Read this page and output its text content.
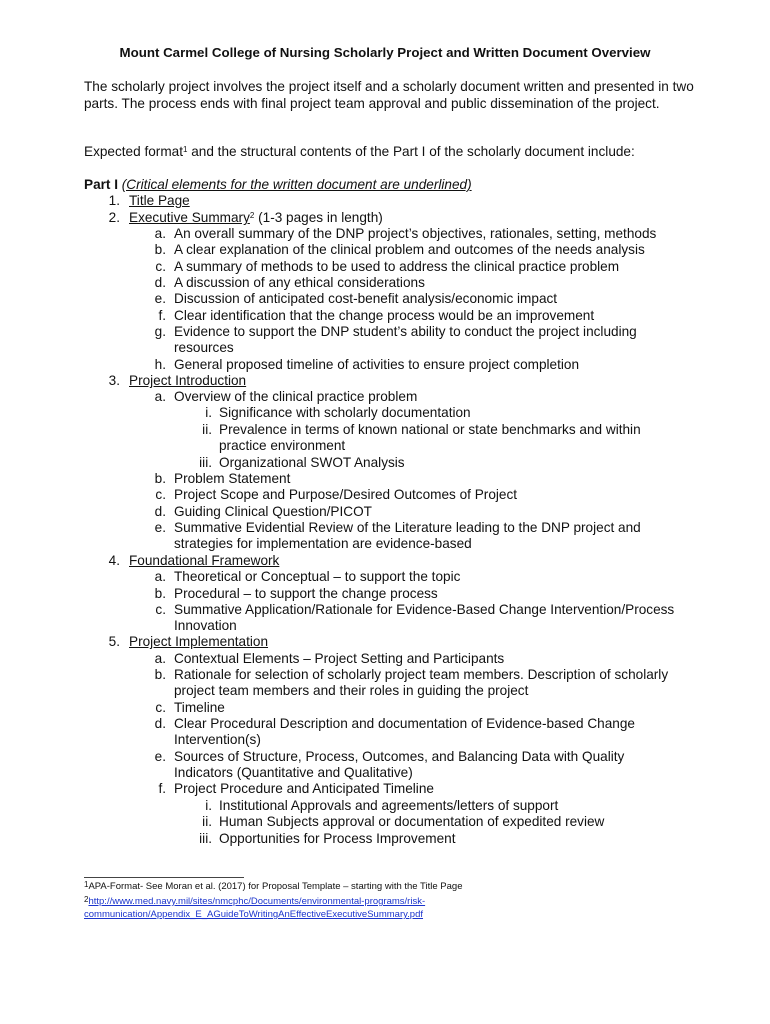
Mount Carmel College of Nursing Scholarly Project and Written Document Overview
The scholarly project involves the project itself and a scholarly document written and presented in two parts. The process ends with final project team approval and public dissemination of the project.
Expected format$^1$ and the structural contents of the Part I of the scholarly document include:
Part I (Critical elements for the written document are underlined)
1. Title Page
2. Executive Summary$^2$ (1-3 pages in length)
a. An overall summary of the DNP project’s objectives, rationales, setting, methods
b. A clear explanation of the clinical problem and outcomes of the needs analysis
c. A summary of methods to be used to address the clinical practice problem
d. A discussion of any ethical considerations
e. Discussion of anticipated cost-benefit analysis/economic impact
f. Clear identification that the change process would be an improvement
g. Evidence to support the DNP student’s ability to conduct the project including
resources
h. General proposed timeline of activities to ensure project completion
3. Project Introduction
a. Overview of the clinical practice problem
i. Significance with scholarly documentation
ii. Prevalence in terms of known national or state benchmarks and within
practice environment
iii. Organizational SWOT Analysis
b. Problem Statement
c. Project Scope and Purpose/Desired Outcomes of Project
d. Guiding Clinical Question/PICOT
e. Summative Evidential Review of the Literature leading to the DNP project and
strategies for implementation are evidence-based
4. Foundational Framework
a. Theoretical or Conceptual – to support the topic
b. Procedural – to support the change process
c. Summative Application/Rationale for Evidence-Based Change Intervention/Process
Innovation
5. Project Implementation
a. Contextual Elements – Project Setting and Participants
b. Rationale for selection of scholarly project team members. Description of scholarly
project team members and their roles in guiding the project
c. Timeline
d. Clear Procedural Description and documentation of Evidence-based Change
Intervention(s)
e. Sources of Structure, Process, Outcomes, and Balancing Data with Quality
Indicators (Quantitative and Qualitative)
f. Project Procedure and Anticipated Timeline
i. Institutional Approvals and agreements/letters of support
ii. Human Subjects approval or documentation of expedited review
iii. Opportunities for Process Improvement
$^1$APA-Format- See Moran et al. (2017) for Proposal Template – starting with the Title Page
$^2$http://www.med.navy.mil/sites/nmcphc/Documents/environmental-programs/risk-
communication/Appendix_E_AGuideToWritingAnEffectiveExecutiveSummary.pdf
